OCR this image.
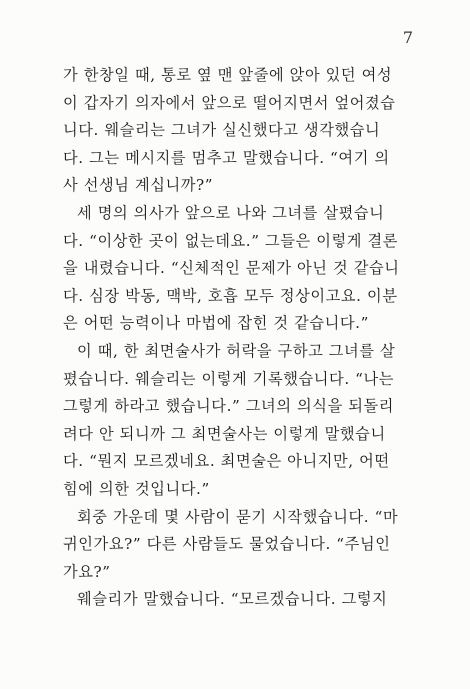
7
가 한창일 때, 통로 옆 맨 앞줄에 앉아 있던 여성
이 갑자기 의자에서 앞으로 떨어지면서 엎어졌습
니다. 웨슬리는 그녀가 실신했다고 생각했습니
다. 그는 메시지를 멈추고 말했습니다. “여기 의
사 선생님 계십니까?”
세 명의 의사가 앞으로 나와 그녀를 살폈습니
다. “이상한 곳이 없는데요.” 그들은 이렇게 결론
을 내렸습니다. “신체적인 문제가 아닌 것 같습니
다. 심장 박동, 맥박, 호흡 모두 정상이고요. 이분
은 어떤 능력이나 마법에 잡힌 것 같습니다.”
이 때, 한 최면술사가 허락을 구하고 그녀를 살
폈습니다. 웨슬리는 이렇게 기록했습니다. “나는
그렇게 하라고 했습니다.” 그녀의 의식을 되돌리
려다 안 되니까 그 최면술사는 이렇게 말했습니
다. “뭔지 모르겠네요. 최면술은 아니지만, 어떤
힘에 의한 것입니다.”
회중 가운데 몇 사람이 묻기 시작했습니다. “마
귀인가요?” 다른 사람들도 물었습니다. “주님인
가요?”
웨슬리가 말했습니다. “모르겠습니다. 그렇지
